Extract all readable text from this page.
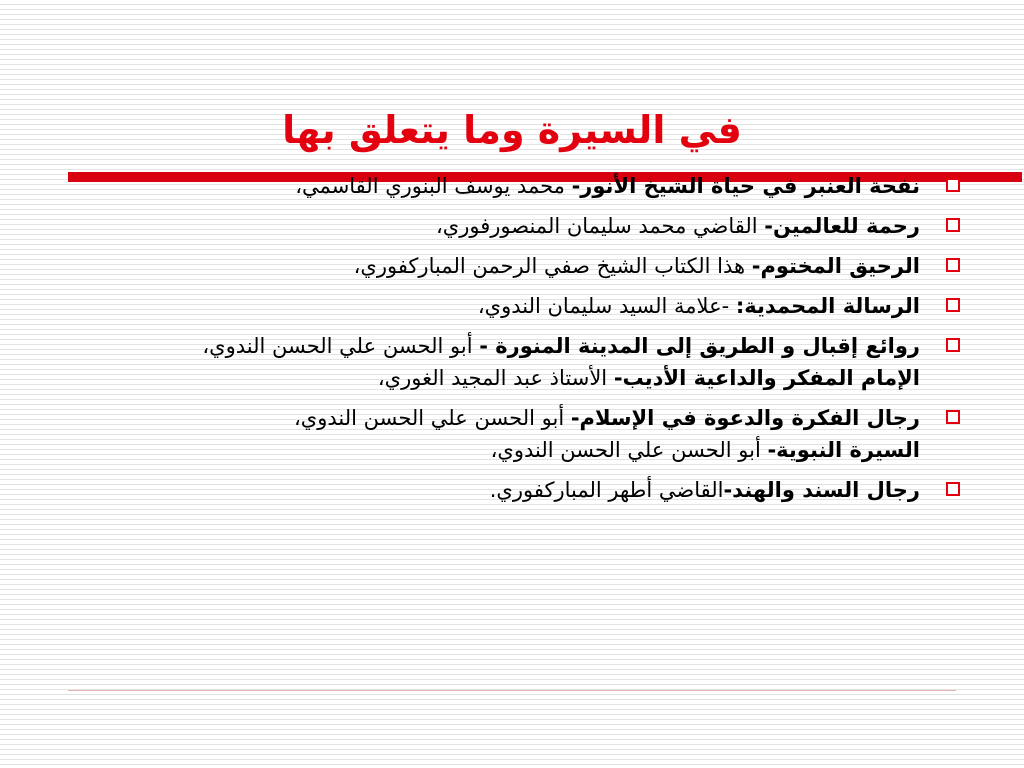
في السيرة وما يتعلق بها
نفحة العنبر في حياة الشيخ الأنور- محمد يوسف البنوري القاسمي،
رحمة للعالمين- القاضي محمد سليمان المنصورفوري،
الرحيق المختوم- هذا الكتاب الشيخ صفي الرحمن المباركفوري،
الرسالة المحمدية: -علامة السيد سليمان الندوي،
روائع إقبال و الطريق إلى المدينة المنورة - أبو الحسن علي الحسن الندوي،
الإمام المفكر والداعية الأديب- الأستاذ عبد المجيد الغوري،
رجال الفكرة والدعوة في الإسلام- أبو الحسن علي الحسن الندوي،
السيرة النبوية- أبو الحسن علي الحسن الندوي،
رجال السند والهند-القاضي أطهر المباركفوري.
